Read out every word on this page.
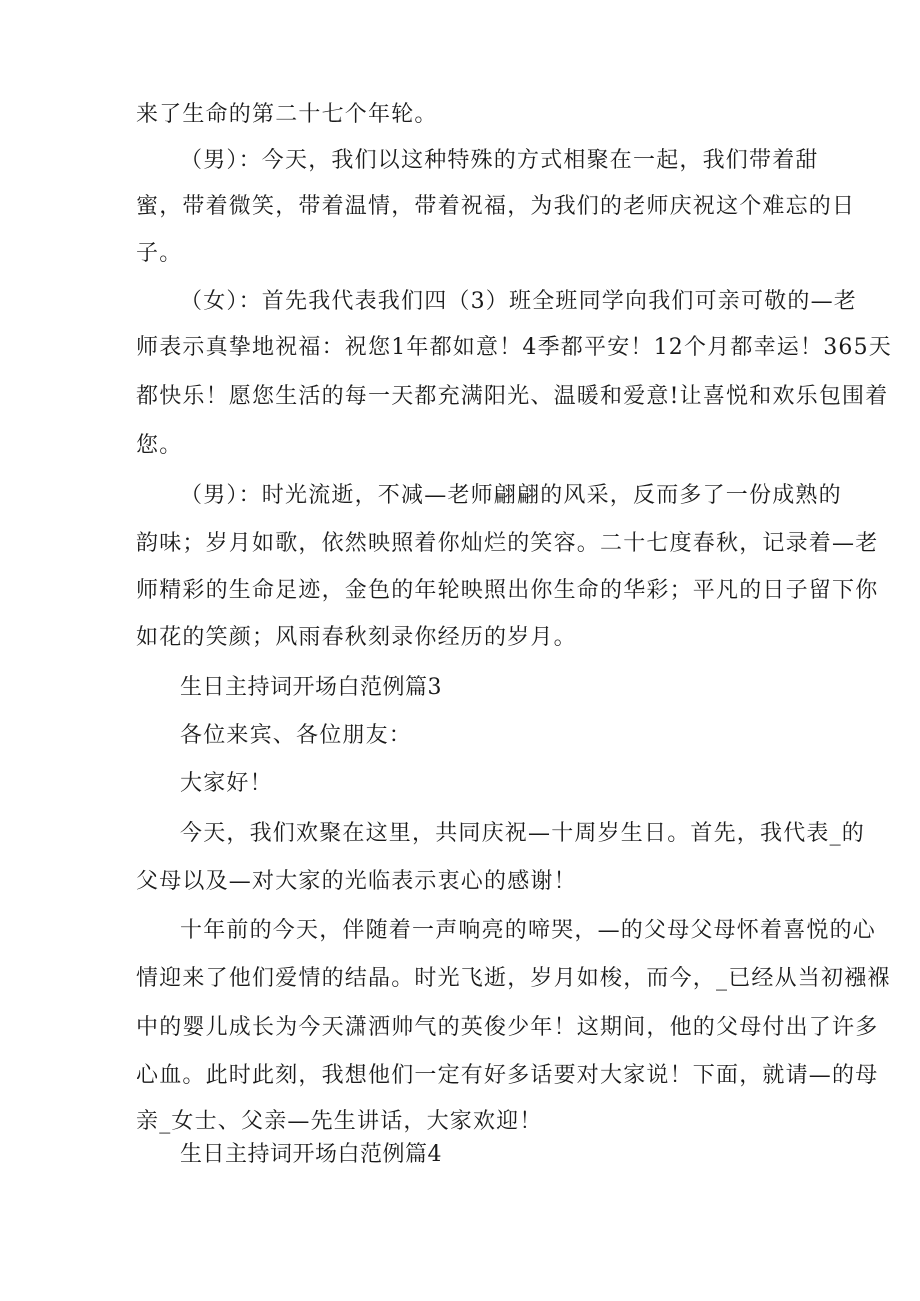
来了生命的第二十七个年轮。
（男）：今天，我们以这种特殊的方式相聚在一起，我们带着甜
蜜，带着微笑，带着温情，带着祝福，为我们的老师庆祝这个难忘的日
子。
（女）：首先我代表我们四（3）班全班同学向我们可亲可敬的—老
师表示真挚地祝福：祝您1年都如意！4季都平安！12个月都幸运！365天
都快乐！愿您生活的每一天都充满阳光、温暖和爱意!让喜悦和欢乐包围着
您。
（男）：时光流逝，不减—老师翩翩的风采，反而多了一份成熟的
韵味；岁月如歌，依然映照着你灿烂的笑容。二十七度春秋，记录着—老
师精彩的生命足迹，金色的年轮映照出你生命的华彩；平凡的日子留下你
如花的笑颜；风雨春秋刻录你经历的岁月。
生日主持词开场白范例篇3
各位来宾、各位朋友：
大家好！
今天，我们欢聚在这里，共同庆祝—十周岁生日。首先，我代表_的
父母以及—对大家的光临表示衷心的感谢！
十年前的今天，伴随着一声响亮的啼哭，—的父母父母怀着喜悦的心
情迎来了他们爱情的结晶。时光飞逝，岁月如梭，而今，_已经从当初襁褓
中的婴儿成长为今天潇洒帅气的英俊少年！这期间，他的父母付出了许多
心血。此时此刻，我想他们一定有好多话要对大家说！下面，就请—的母
亲_女士、父亲—先生讲话，大家欢迎！
生日主持词开场白范例篇4
